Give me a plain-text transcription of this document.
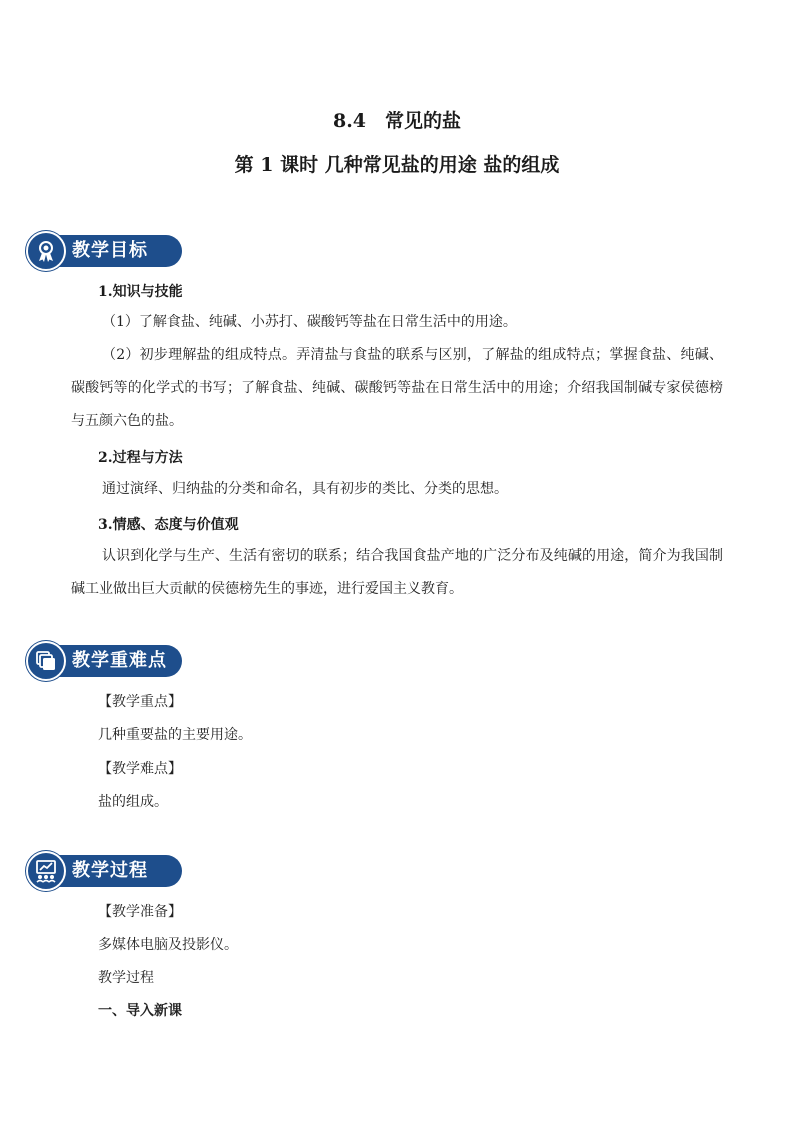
8.4　常见的盐
第 1 课时 几种常见盐的用途 盐的组成
教学目标
1.知识与技能
（1）了解食盐、纯碱、小苏打、碳酸钙等盐在日常生活中的用途。
（2）初步理解盐的组成特点。弄清盐与食盐的联系与区别，了解盐的组成特点；掌握食盐、纯碱、碳酸钙等的化学式的书写；了解食盐、纯碱、碳酸钙等盐在日常生活中的用途；介绍我国制碱专家侯德榜与五颜六色的盐。
2.过程与方法
通过演绎、归纳盐的分类和命名，具有初步的类比、分类的思想。
3.情感、态度与价值观
认识到化学与生产、生活有密切的联系；结合我国食盐产地的广泛分布及纯碱的用途，简介为我国制碱工业做出巨大贡献的侯德榜先生的事迹，进行爱国主义教育。
教学重难点
【教学重点】
几种重要盐的主要用途。
【教学难点】
盐的组成。
教学过程
【教学准备】
多媒体电脑及投影仪。
教学过程
一、导入新课
